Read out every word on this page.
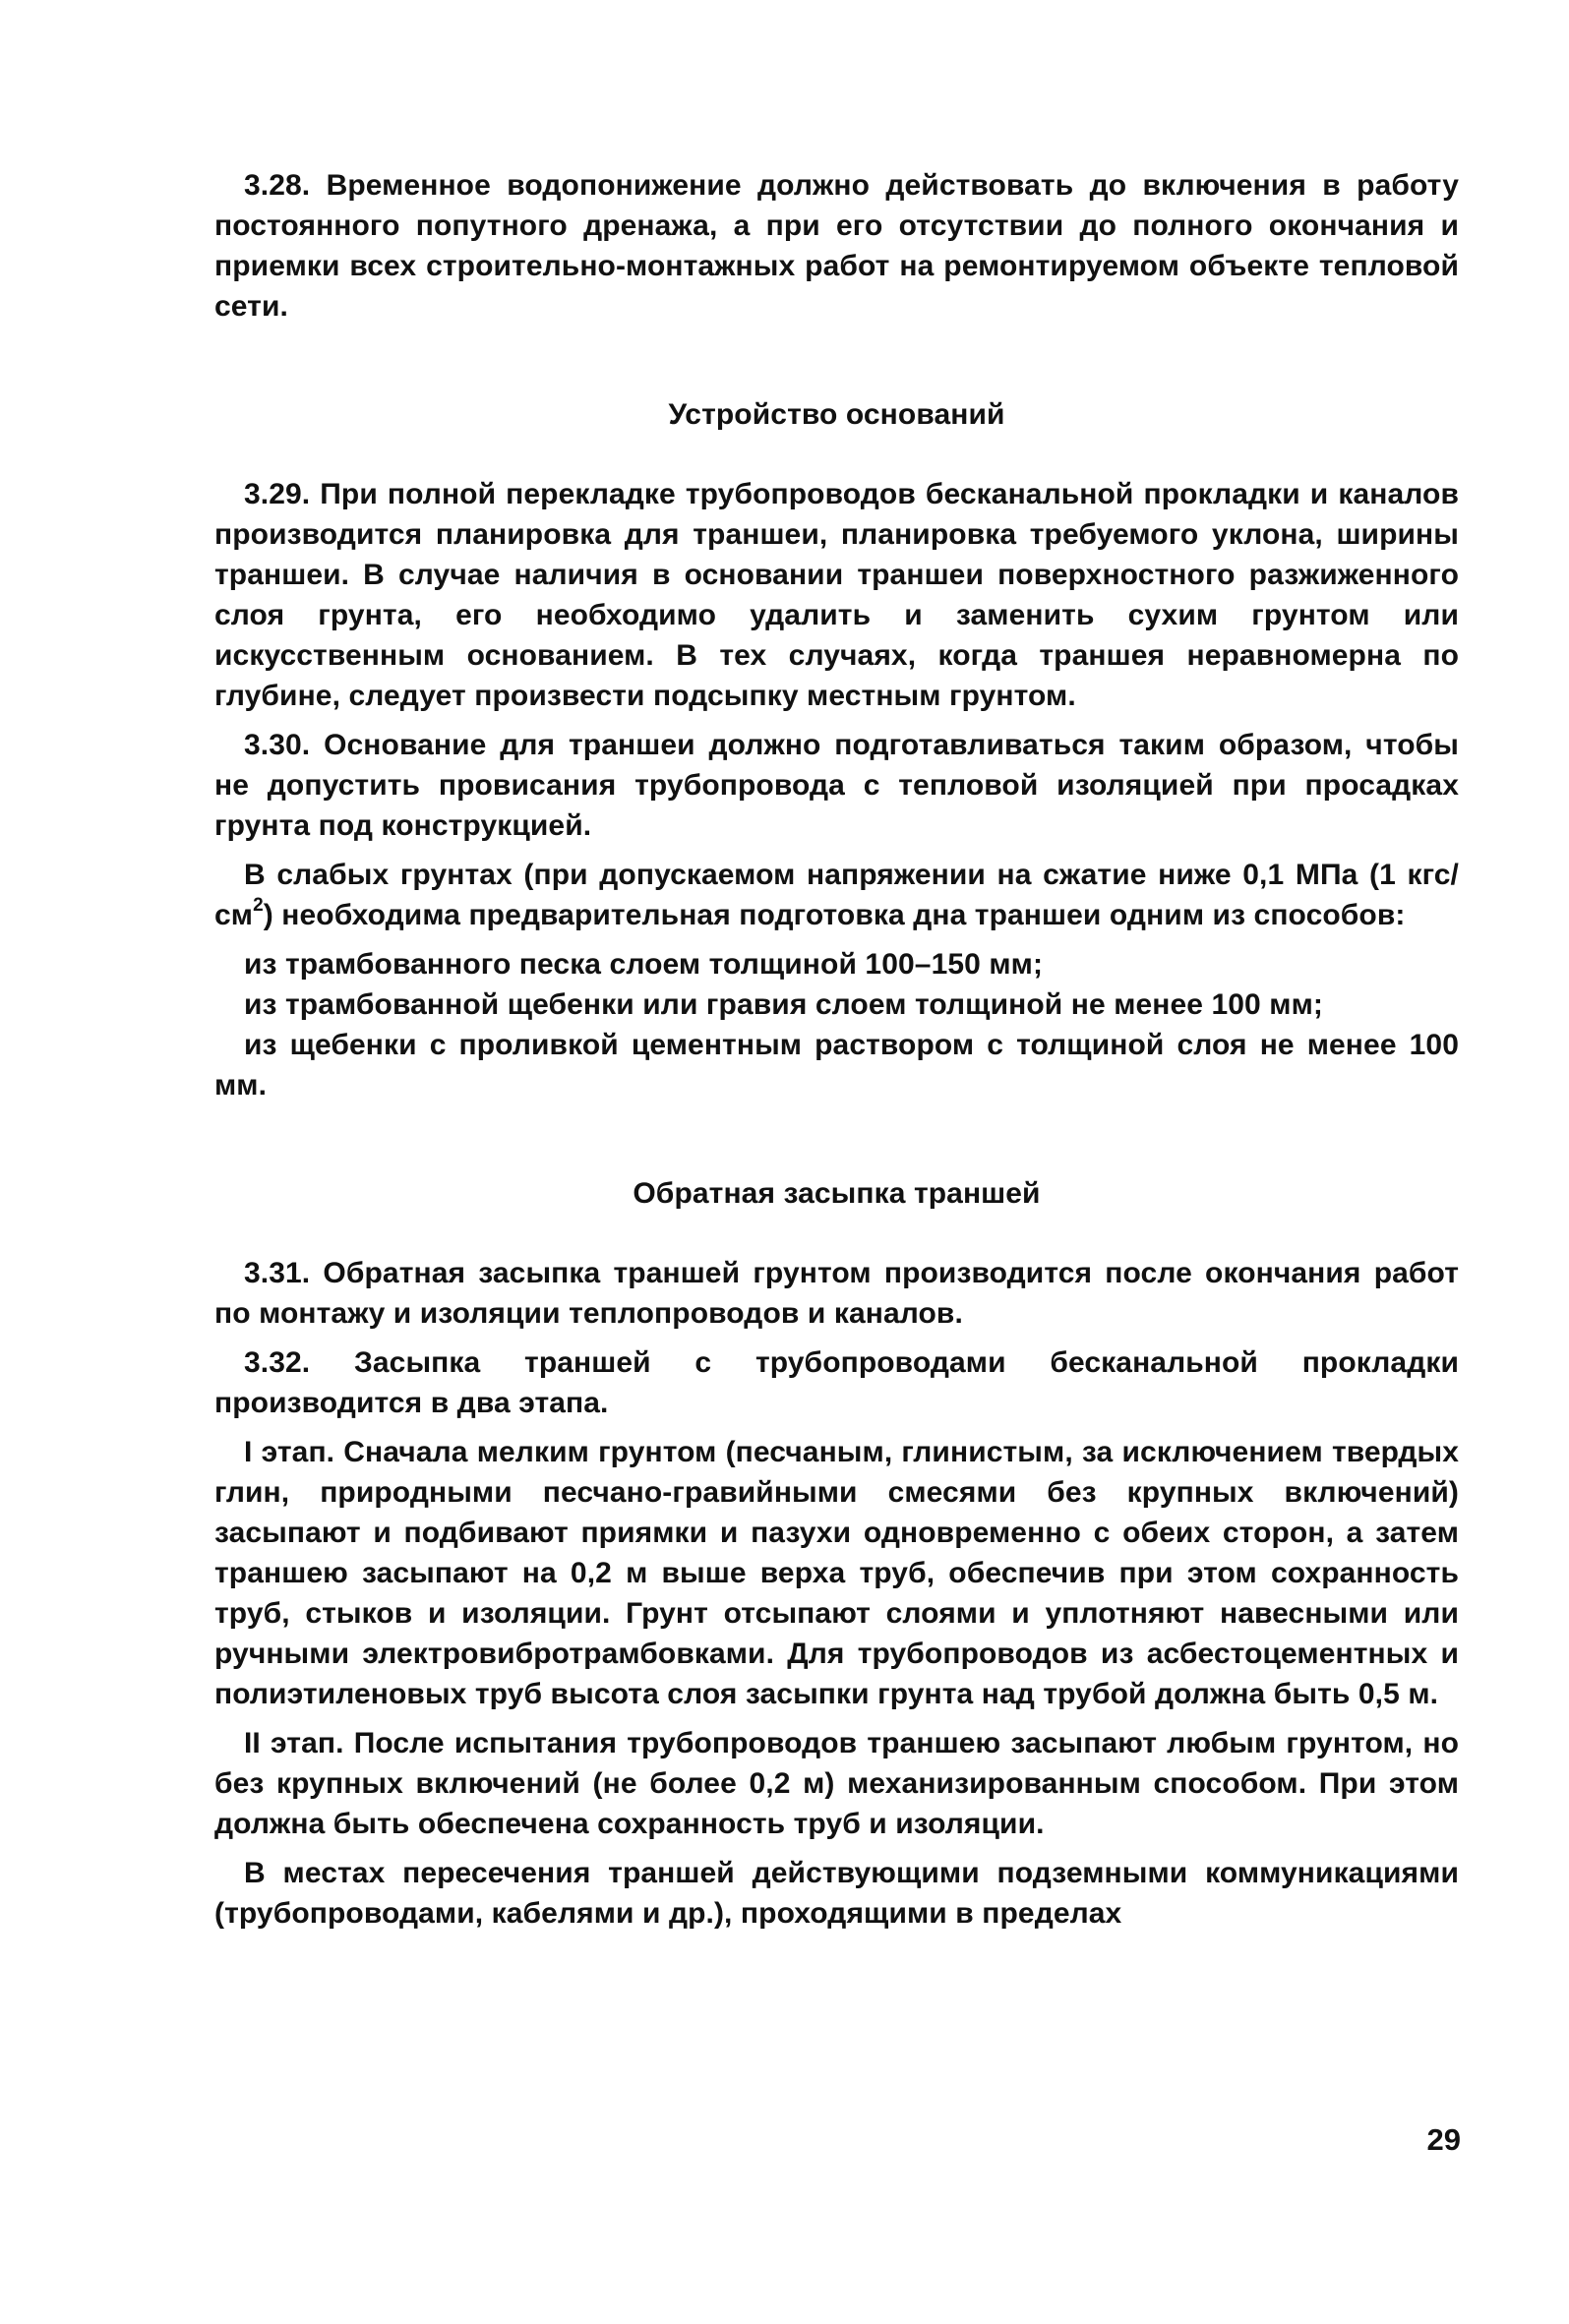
3.28. Временное водопонижение должно действовать до включения в работу постоянного попутного дренажа, а при его отсутствии до полного окончания и приемки всех строительно-монтажных работ на ремонтируемом объекте тепловой сети.

Устройство оснований

3.29. При полной перекладке трубопроводов бесканальной прокладки и каналов производится планировка для траншеи, планировка требуемого уклона, ширины траншеи. В случае наличия в основании траншеи поверхностного разжиженного слоя грунта, его необходимо удалить и заменить сухим грунтом или искусственным основанием. В тех случаях, когда траншея неравномерна по глубине, следует произвести подсыпку местным грунтом.

3.30. Основание для траншеи должно подготавливаться таким образом, чтобы не допустить провисания трубопровода с тепловой изоляцией при просадках грунта под конструкцией.

В слабых грунтах (при допускаемом напряжении на сжатие ниже 0,1 МПа (1 кгс/$см^2$) необходима предварительная подготовка дна траншеи одним из способов:

из трамбованного песка слоем толщиной 100–150 мм;

из трамбованной щебенки или гравия слоем толщиной не менее 100 мм;

из щебенки с проливкой цементным раствором с толщиной слоя не менее 100 мм.

Обратная засыпка траншей

3.31. Обратная засыпка траншей грунтом производится после окончания работ по монтажу и изоляции теплопроводов и каналов.

3.32. Засыпка траншей с трубопроводами бесканальной прокладки производится в два этапа.

I этап. Сначала мелким грунтом (песчаным, глинистым, за исключением твердых глин, природными песчано-гравийными смесями без крупных включений) засыпают и подбивают приямки и пазухи одновременно с обеих сторон, а затем траншею засыпают на 0,2 м выше верха труб, обеспечив при этом сохранность труб, стыков и изоляции. Грунт отсыпают слоями и уплотняют навесными или ручными электровибротрамбовками. Для трубопроводов из асбестоцементных и полиэтиленовых труб высота слоя засыпки грунта над трубой должна быть 0,5 м.

II этап. После испытания трубопроводов траншею засыпают любым грунтом, но без крупных включений (не более 0,2 м) механизированным способом. При этом должна быть обеспечена сохранность труб и изоляции.

В местах пересечения траншей действующими подземными коммуникациями (трубопроводами, кабелями и др.), проходящими в пределах

29
